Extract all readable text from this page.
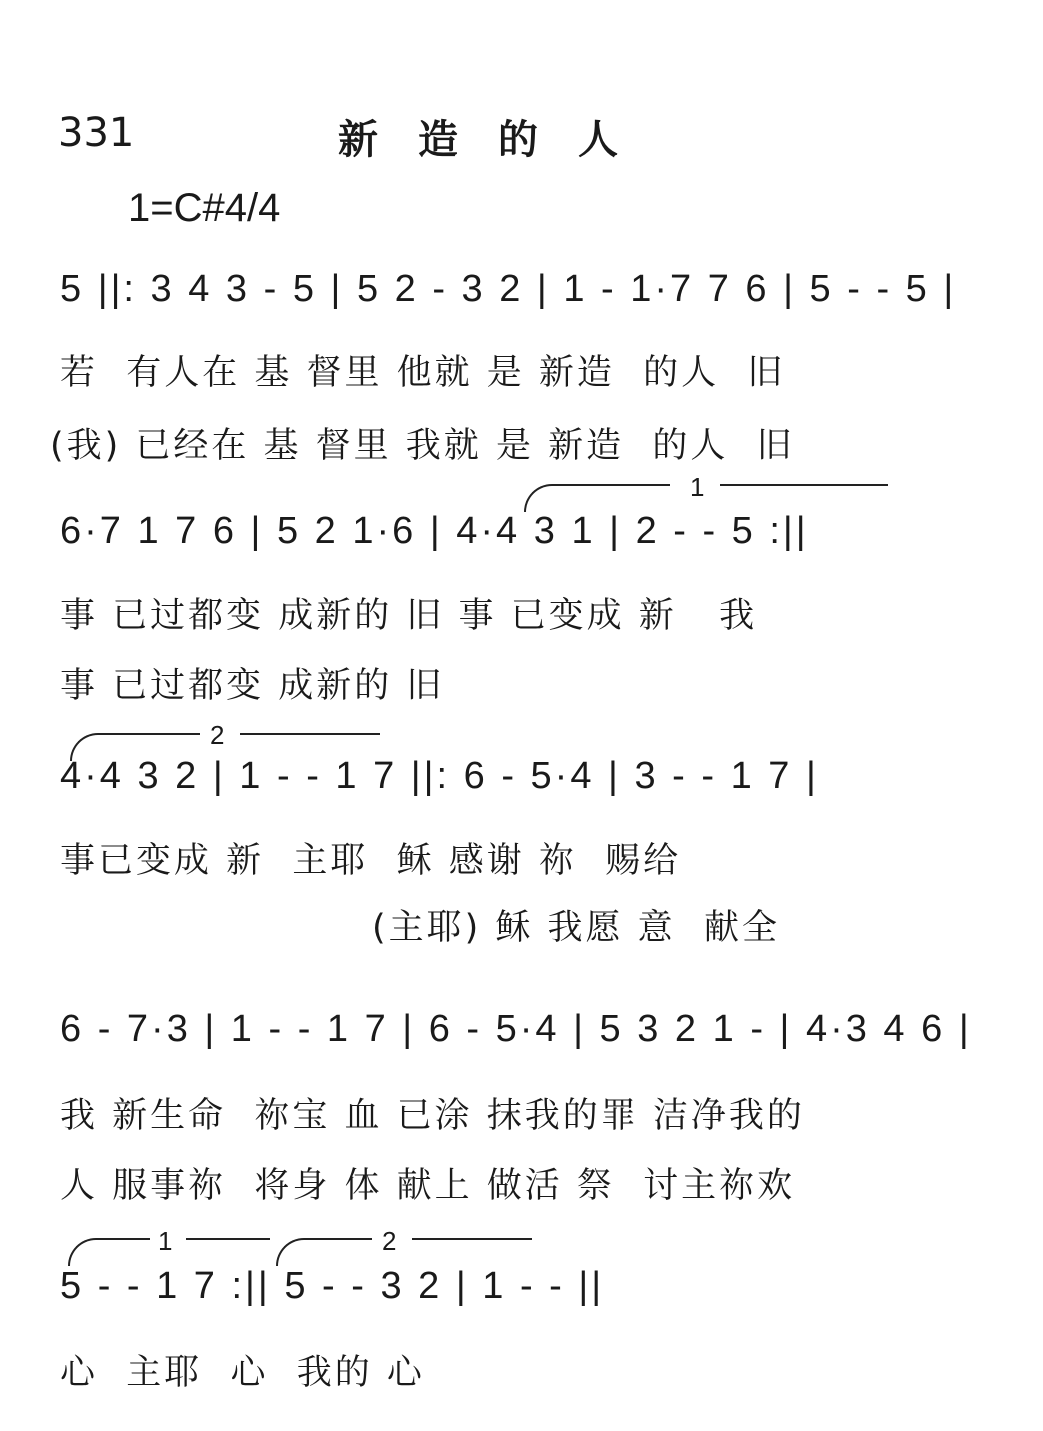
331	新造的人
1=C#4/4
5 ||: 3 4 3 - 5 | 5 2 - 3 2 | 1 - 1·7 7 6 | 5 - - 5 |
若  有人在 基 督里 他就 是 新造  的人  旧
(我) 已经在 基 督里 我就 是 新造  的人  旧
1
6·7 1 7 6 | 5 2 1·6 | 4·4 3 1 | 2 - - 5 :||
事 已过都变 成新的 旧 事 已变成 新   我
事 已过都变 成新的 旧
2
4·4 3 2 | 1 - - 1 7 ||: 6 - 5·4 | 3 - - 1 7 |
事已变成 新  主耶  稣 感谢 祢  赐给
(主耶) 稣 我愿 意  献全
6 - 7·3 | 1 - - 1 7 | 6 - 5·4 | 5 3 2 1 - | 4·3 4 6 |
我 新生命  祢宝 血 已涂 抹我的罪 洁净我的
人 服事祢  将身 体 献上 做活 祭  讨主祢欢
1	2
5 - - 1 7 :|| 5 - - 3 2 | 1 - - ||
心  主耶  心  我的 心
